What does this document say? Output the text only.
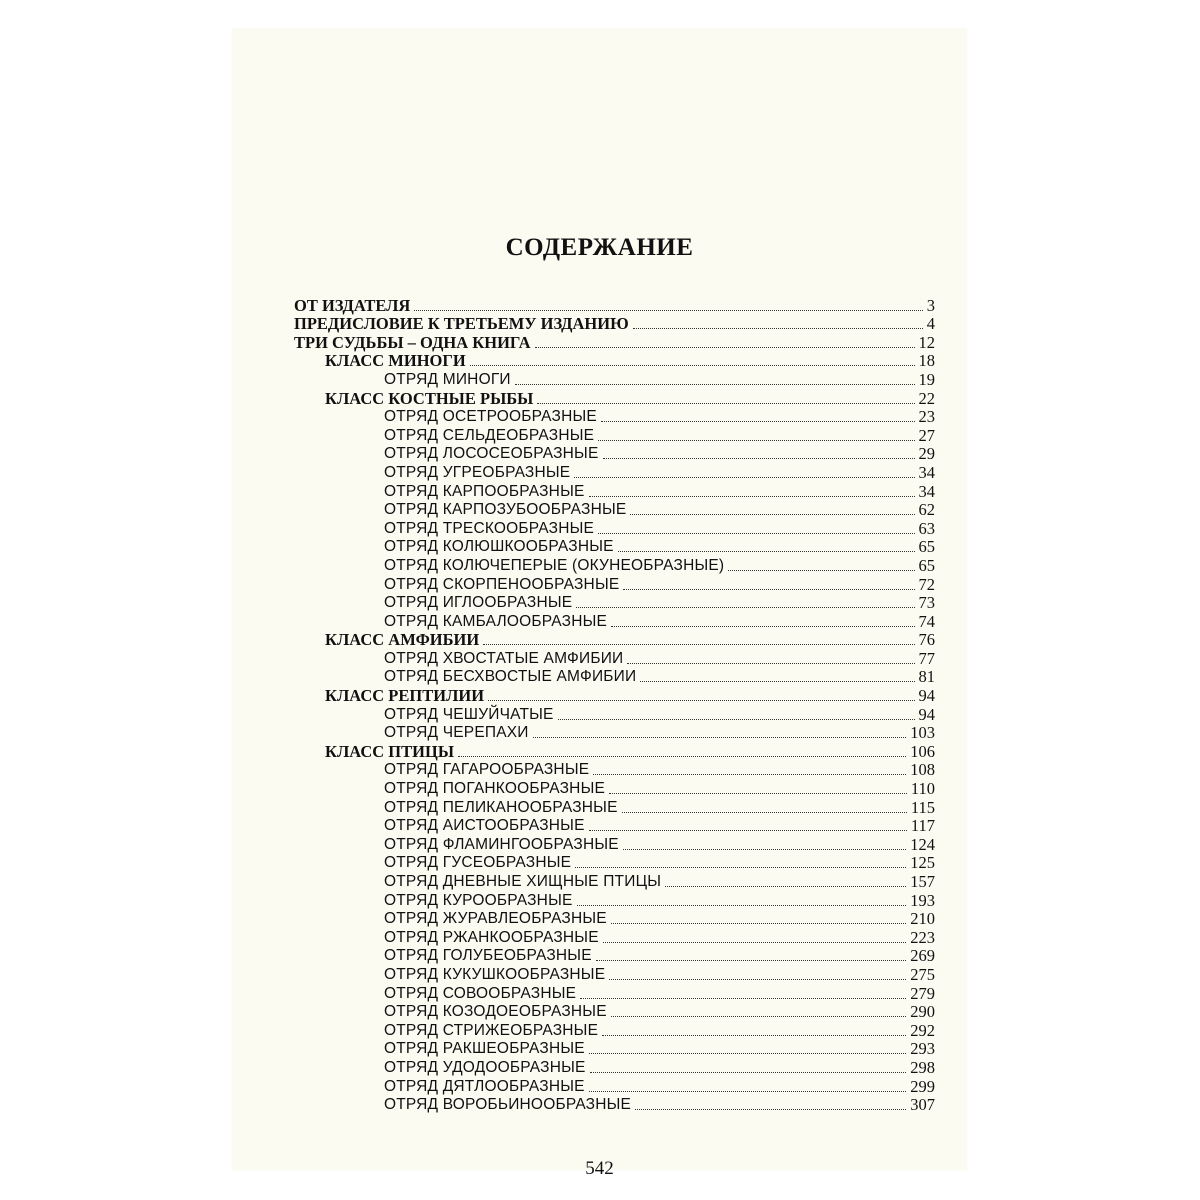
СОДЕРЖАНИЕ
ОТ ИЗДАТЕЛЯ	3
ПРЕДИСЛОВИЕ К ТРЕТЬЕМУ ИЗДАНИЮ	4
ТРИ СУДЬБЫ – ОДНА КНИГА	12
КЛАСС МИНОГИ	18
ОТРЯД МИНОГИ	19
КЛАСС КОСТНЫЕ РЫБЫ	22
ОТРЯД ОСЕТРООБРАЗНЫЕ	23
ОТРЯД СЕЛЬДЕОБРАЗНЫЕ	27
ОТРЯД ЛОСОСЕОБРАЗНЫЕ	29
ОТРЯД УГРЕОБРАЗНЫЕ	34
ОТРЯД КАРПООБРАЗНЫЕ	34
ОТРЯД КАРПОЗУБООБРАЗНЫЕ	62
ОТРЯД ТРЕСКООБРАЗНЫЕ	63
ОТРЯД КОЛЮШКООБРАЗНЫЕ	65
ОТРЯД КОЛЮЧЕПЕРЫЕ (ОКУНЕОБРАЗНЫЕ)	65
ОТРЯД СКОРПЕНООБРАЗНЫЕ	72
ОТРЯД ИГЛООБРАЗНЫЕ	73
ОТРЯД КАМБАЛООБРАЗНЫЕ	74
КЛАСС АМФИБИИ	76
ОТРЯД ХВОСТАТЫЕ АМФИБИИ	77
ОТРЯД БЕСХВОСТЫЕ АМФИБИИ	81
КЛАСС РЕПТИЛИИ	94
ОТРЯД ЧЕШУЙЧАТЫЕ	94
ОТРЯД ЧЕРЕПАХИ	103
КЛАСС ПТИЦЫ	106
ОТРЯД ГАГАРООБРАЗНЫЕ	108
ОТРЯД ПОГАНКООБРАЗНЫЕ	110
ОТРЯД ПЕЛИКАНООБРАЗНЫЕ	115
ОТРЯД АИСТООБРАЗНЫЕ	117
ОТРЯД ФЛАМИНГООБРАЗНЫЕ	124
ОТРЯД ГУСЕОБРАЗНЫЕ	125
ОТРЯД ДНЕВНЫЕ ХИЩНЫЕ ПТИЦЫ	157
ОТРЯД КУРООБРАЗНЫЕ	193
ОТРЯД ЖУРАВЛЕОБРАЗНЫЕ	210
ОТРЯД РЖАНКООБРАЗНЫЕ	223
ОТРЯД ГОЛУБЕОБРАЗНЫЕ	269
ОТРЯД КУКУШКООБРАЗНЫЕ	275
ОТРЯД СОВООБРАЗНЫЕ	279
ОТРЯД КОЗОДОЕОБРАЗНЫЕ	290
ОТРЯД СТРИЖЕОБРАЗНЫЕ	292
ОТРЯД РАКШЕОБРАЗНЫЕ	293
ОТРЯД УДОДООБРАЗНЫЕ	298
ОТРЯД ДЯТЛООБРАЗНЫЕ	299
ОТРЯД ВОРОБЬИНООБРАЗНЫЕ	307
542
